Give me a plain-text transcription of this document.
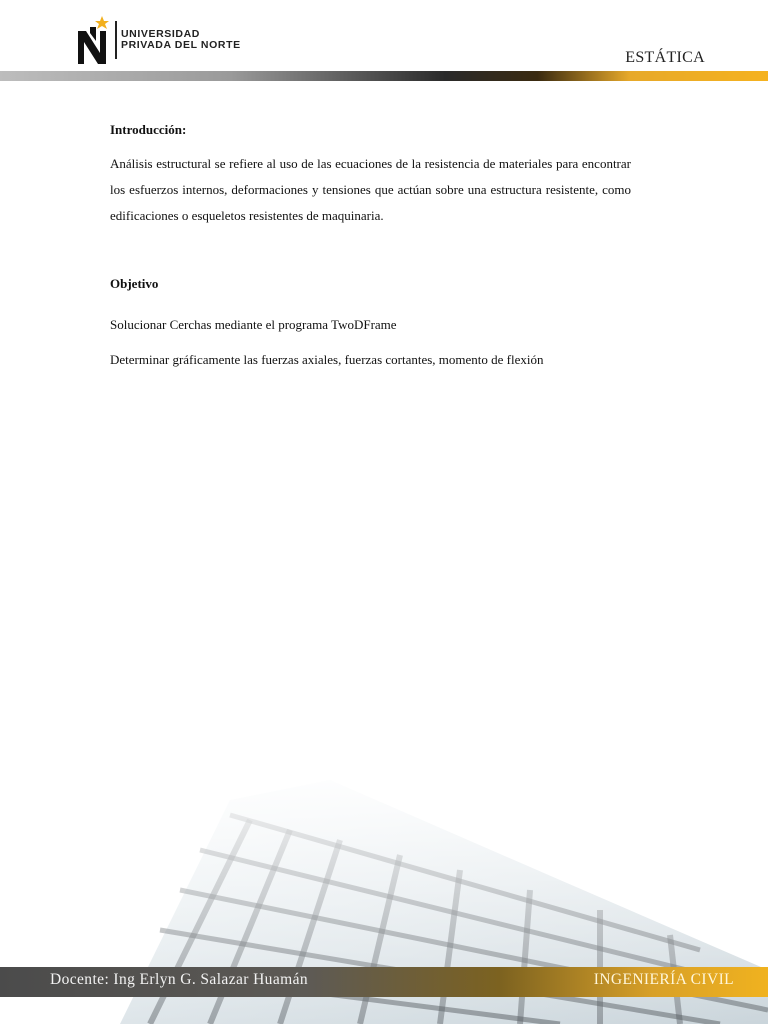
UNIVERSIDAD
PRIVADA DEL NORTE
ESTÁTICA

Introducción:

Análisis estructural se refiere al uso de las ecuaciones de la resistencia de materiales para encontrar los esfuerzos internos, deformaciones y tensiones que actúan sobre una estructura resistente, como edificaciones o esqueletos resistentes de maquinaria.

Objetivo

Solucionar Cerchas mediante el programa TwoDFrame

Determinar gráficamente las fuerzas axiales, fuerzas cortantes, momento de flexión

Docente: Ing Erlyn G. Salazar Huamán	INGENIERÍA CIVIL
